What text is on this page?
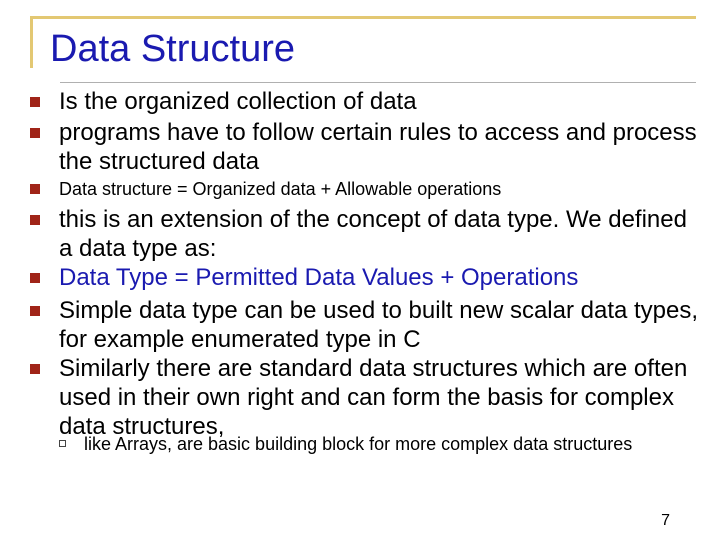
Data Structure

Is the organized collection of data

programs have to follow certain rules to access and process the structured data

Data structure = Organized data + Allowable operations

this is an extension of the concept of data type. We defined a data type as:

Data Type = Permitted Data Values + Operations

Simple data type can be used to built new scalar data types, for example enumerated type in C

Similarly there are standard data structures which are often used in their own right and can form the basis for complex data structures,

like Arrays, are basic building block for more complex data structures

7
